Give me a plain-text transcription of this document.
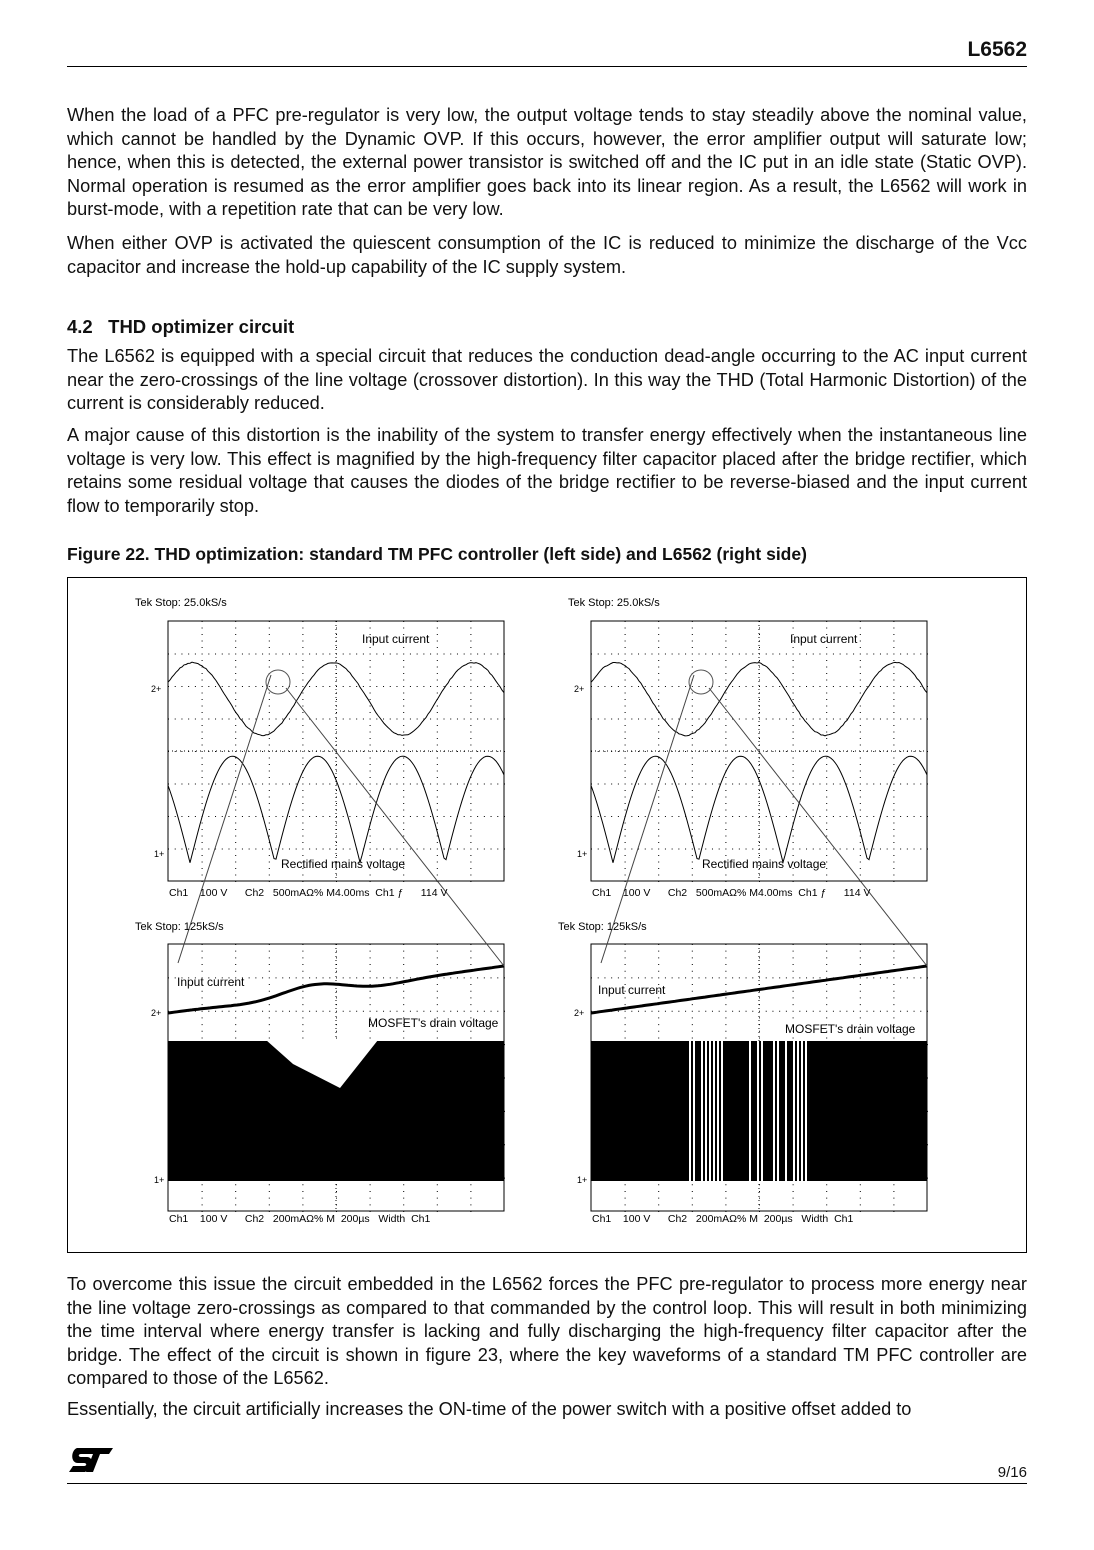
L6562

When the load of a PFC pre-regulator is very low, the output voltage tends to stay steadily above the nominal value, which cannot be handled by the Dynamic OVP. If this occurs, however, the error amplifier output will saturate low; hence, when this is detected, the external power transistor is switched off and the IC put in an idle state (Static OVP). Normal operation is resumed as the error amplifier goes back into its linear region. As a result, the L6562 will work in burst-mode, with a repetition rate that can be very low.

When either OVP is activated the quiescent consumption of the IC is reduced to minimize the discharge of the Vcc capacitor and increase the hold-up capability of the IC supply system.

4.2 THD optimizer circuit

The L6562 is equipped with a special circuit that reduces the conduction dead-angle occurring to the AC input current near the zero-crossings of the line voltage (crossover distortion). In this way the THD (Total Harmonic Distortion) of the current is considerably reduced.

A major cause of this distortion is the inability of the system to transfer energy effectively when the instantaneous line voltage is very low. This effect is magnified by the high-frequency filter capacitor placed after the bridge rectifier, which retains some residual voltage that causes the diodes of the bridge rectifier to be reverse-biased and the input current flow to temporarily stop.

Figure 22. THD optimization: standard TM PFC controller (left side) and L6562 (right side)
Tek Stop: 25.0kS/s	Tek Stop: 25.0kS/s
Input current	Input current
Rectified mains voltage	Rectified mains voltage
Ch1    100 V      Ch2   500mAΩ% M4.00ms  Ch1 ƒ      114 V	Ch1    100 V      Ch2   500mAΩ% M4.00ms  Ch1 ƒ      114 V
Tek Stop: 125kS/s	Tek Stop: 125kS/s
Input current
Input current
MOSFET's drain voltage	MOSFET's drain voltage
Ch1    100 V      Ch2   200mAΩ% M  200µs   Width  Ch1	Ch1    100 V      Ch2   200mAΩ% M  200µs   Width  Ch1
2+	2+
1+	1+
2+	2+
1+	1+

To overcome this issue the circuit embedded in the L6562 forces the PFC pre-regulator to process more energy near the line voltage zero-crossings as compared to that commanded by the control loop. This will result in both minimizing the time interval where energy transfer is lacking and fully discharging the high-frequency filter capacitor after the bridge. The effect of the circuit is shown in figure 23, where the key waveforms of a standard TM PFC controller are compared to those of the L6562.

Essentially, the circuit artificially increases the ON-time of the power switch with a positive offset added to

9/16
